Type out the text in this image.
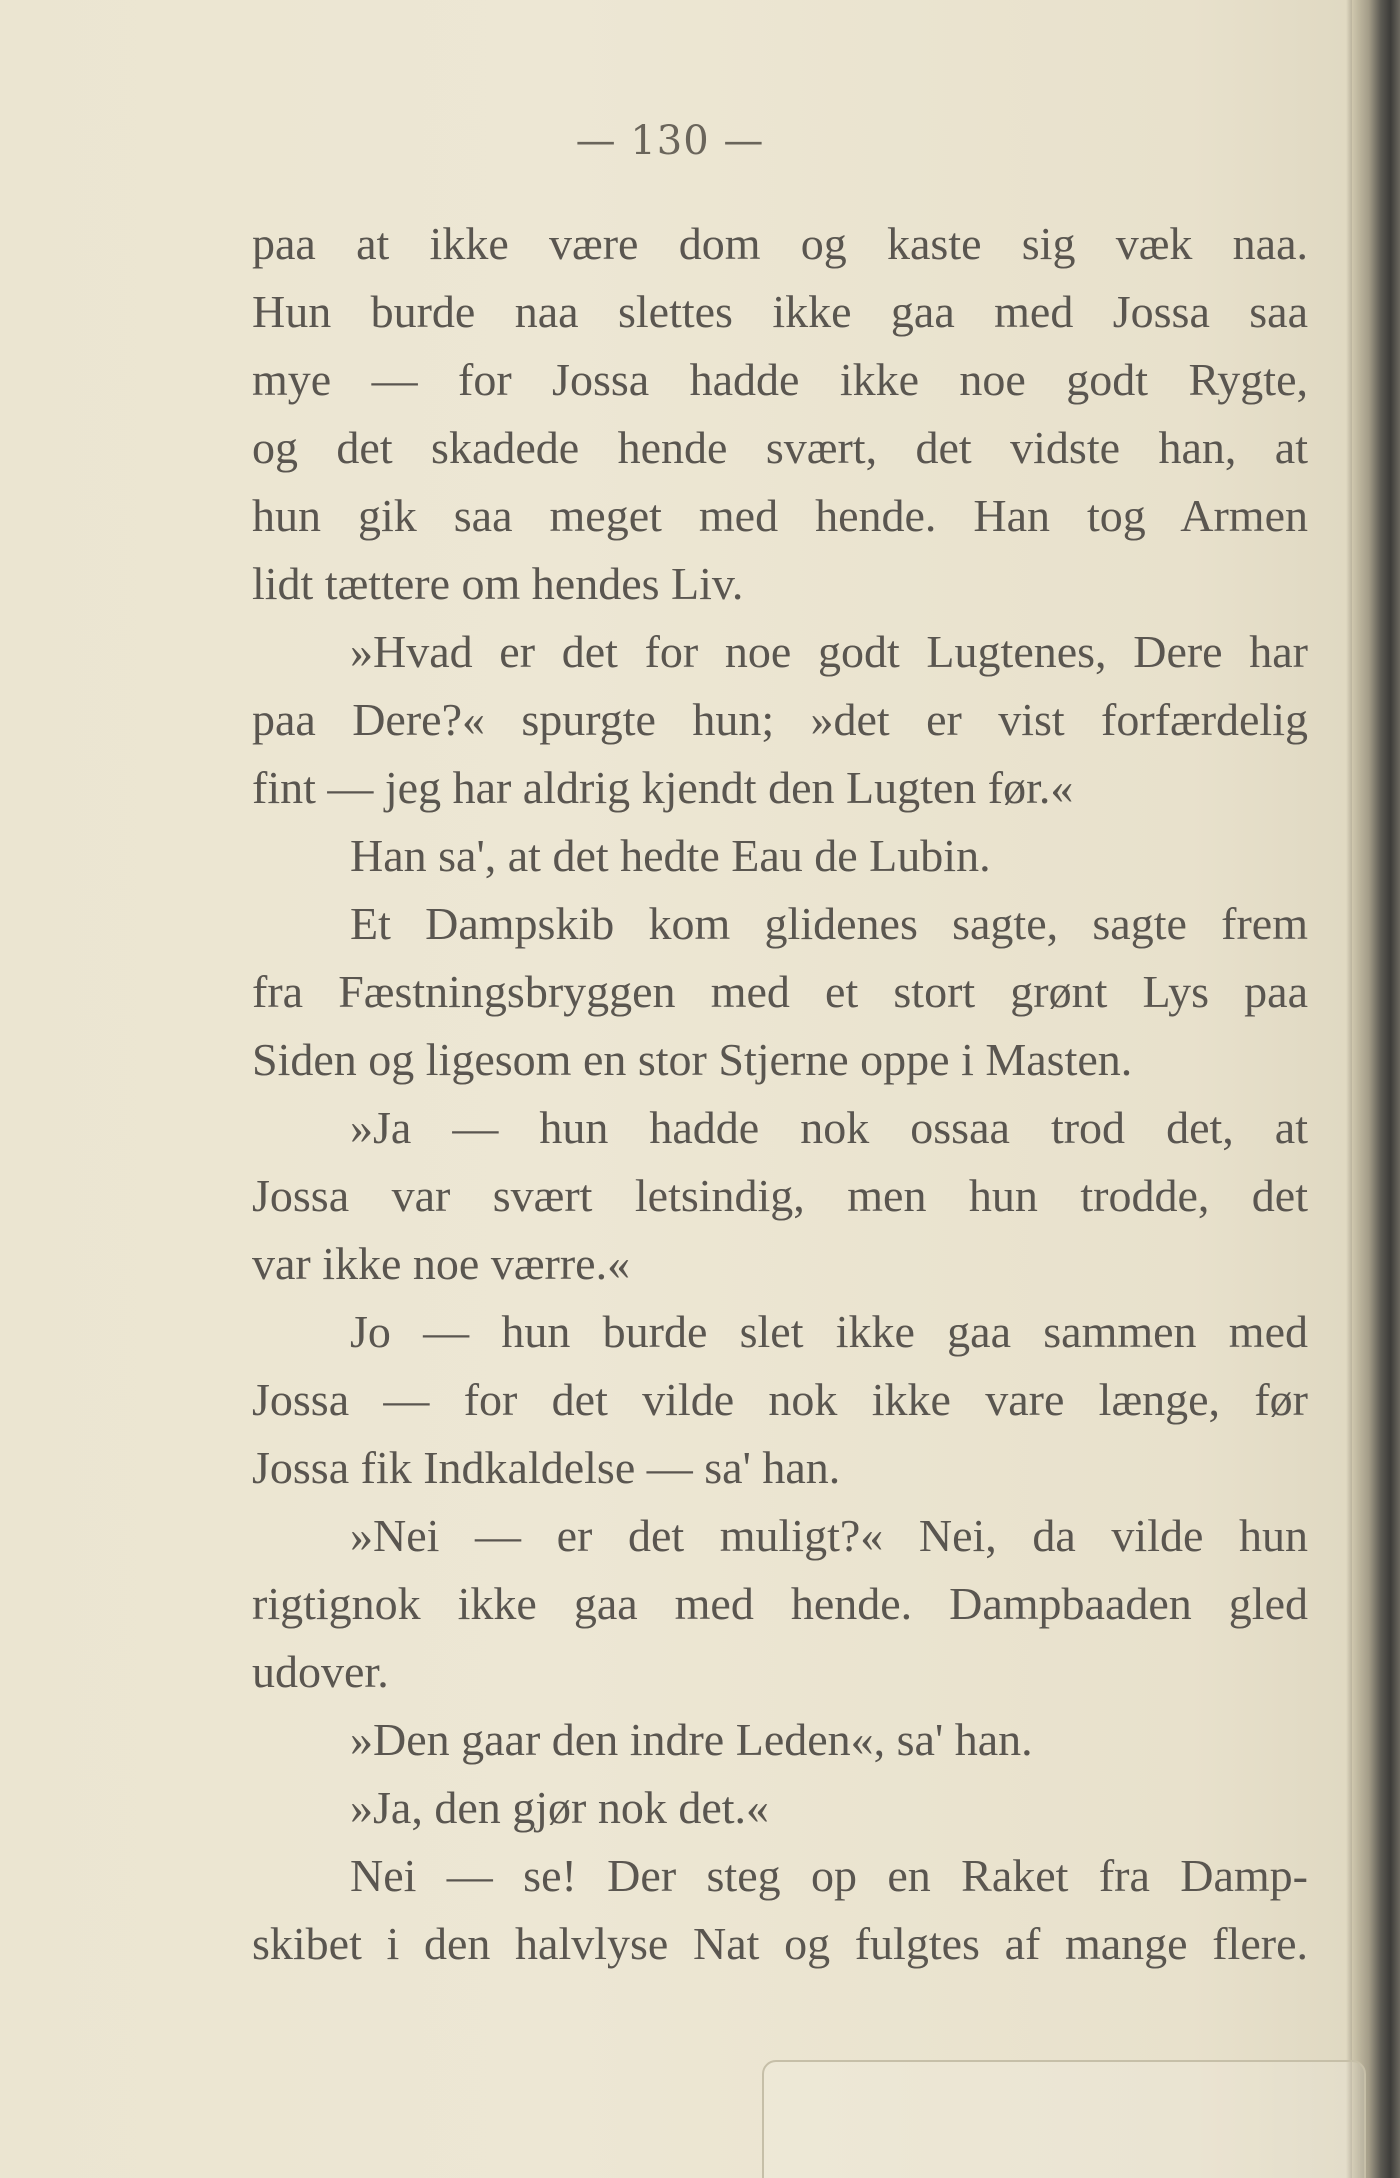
— 130 —
paa at ikke være dom og kaste sig væk naa.
Hun burde naa slettes ikke gaa med Jossa saa
mye — for Jossa hadde ikke noe godt Rygte,
og det skadede hende svært, det vidste han, at
hun gik saa meget med hende. Han tog Armen
lidt tættere om hendes Liv.
»Hvad er det for noe godt Lugtenes, Dere har
paa Dere?« spurgte hun; »det er vist forfærdelig
fint — jeg har aldrig kjendt den Lugten før.«
Han sa', at det hedte Eau de Lubin.
Et Dampskib kom glidenes sagte, sagte frem
fra Fæstningsbryggen med et stort grønt Lys paa
Siden og ligesom en stor Stjerne oppe i Masten.
»Ja — hun hadde nok ossaa trod det, at
Jossa var svært letsindig, men hun trodde, det
var ikke noe værre.«
Jo — hun burde slet ikke gaa sammen med
Jossa — for det vilde nok ikke vare længe, før
Jossa fik Indkaldelse — sa' han.
»Nei — er det muligt?« Nei, da vilde hun
rigtignok ikke gaa med hende. Dampbaaden gled
udover.
»Den gaar den indre Leden«, sa' han.
»Ja, den gjør nok det.«
Nei — se! Der steg op en Raket fra Damp-
skibet i den halvlyse Nat og fulgtes af mange flere.
